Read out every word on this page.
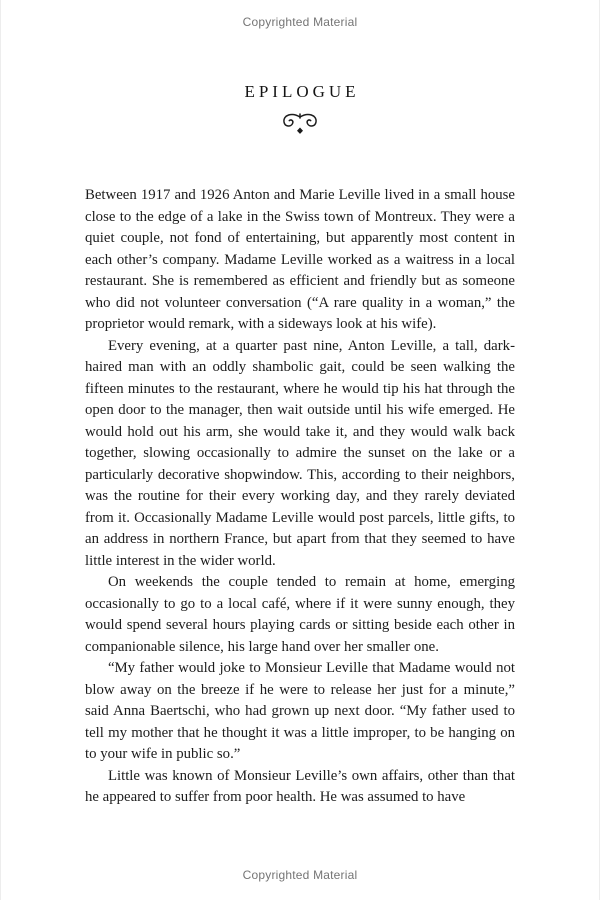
Copyrighted Material
EPILOGUE

Between 1917 and 1926 Anton and Marie Leville lived in a small house close to the edge of a lake in the Swiss town of Montreux. They were a quiet couple, not fond of entertaining, but apparently most content in each other’s company. Madame Leville worked as a waitress in a local restaurant. She is remembered as efficient and friendly but as someone who did not volunteer conversation (“A rare quality in a woman,” the proprietor would remark, with a sideways look at his wife).

Every evening, at a quarter past nine, Anton Leville, a tall, dark-haired man with an oddly shambolic gait, could be seen walking the fifteen minutes to the restaurant, where he would tip his hat through the open door to the manager, then wait outside until his wife emerged. He would hold out his arm, she would take it, and they would walk back together, slowing occasionally to admire the sunset on the lake or a particularly decorative shopwindow. This, according to their neighbors, was the routine for their every working day, and they rarely deviated from it. Occasionally Madame Leville would post parcels, little gifts, to an address in northern France, but apart from that they seemed to have little interest in the wider world.

On weekends the couple tended to remain at home, emerging occasionally to go to a local café, where if it were sunny enough, they would spend several hours playing cards or sitting beside each other in companionable silence, his large hand over her smaller one.

“My father would joke to Monsieur Leville that Madame would not blow away on the breeze if he were to release her just for a minute,” said Anna Baertschi, who had grown up next door. “My father used to tell my mother that he thought it was a little improper, to be hanging on to your wife in public so.”

Little was known of Monsieur Leville’s own affairs, other than that he appeared to suffer from poor health. He was assumed to have

Copyrighted Material
